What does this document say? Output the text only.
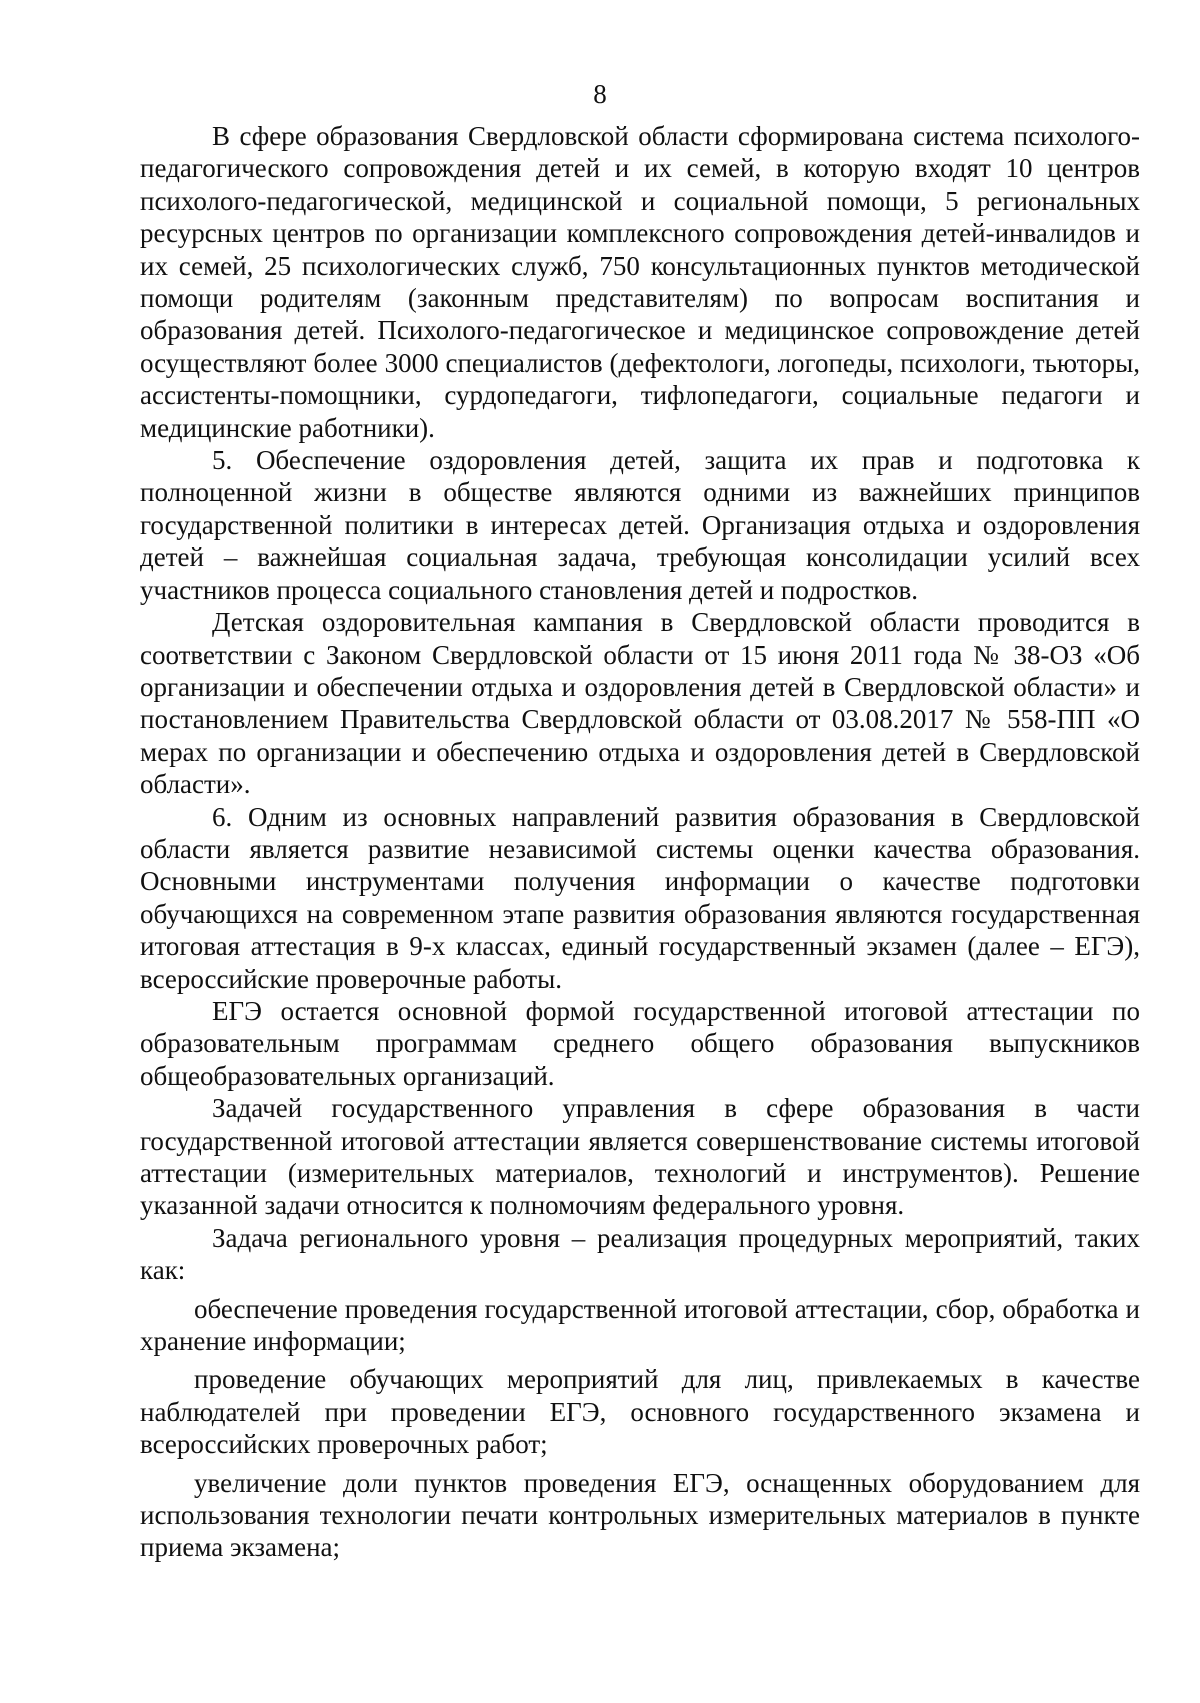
8

В сфере образования Свердловской области сформирована система психолого-педагогического сопровождения детей и их семей, в которую входят 10 центров психолого-педагогической, медицинской и социальной помощи, 5 региональных ресурсных центров по организации комплексного сопровождения детей-инвалидов и их семей, 25 психологических служб, 750 консультационных пунктов методической помощи родителям (законным представителям) по вопросам воспитания и образования детей. Психолого-педагогическое и медицинское сопровождение детей осуществляют более 3000 специалистов (дефектологи, логопеды, психологи, тьюторы, ассистенты-помощники, сурдопедагоги, тифлопедагоги, социальные педагоги и медицинские работники).

5. Обеспечение оздоровления детей, защита их прав и подготовка к полноценной жизни в обществе являются одними из важнейших принципов государственной политики в интересах детей. Организация отдыха и оздоровления детей – важнейшая социальная задача, требующая консолидации усилий всех участников процесса социального становления детей и подростков.

Детская оздоровительная кампания в Свердловской области проводится в соответствии с Законом Свердловской области от 15 июня 2011 года № 38-ОЗ «Об организации и обеспечении отдыха и оздоровления детей в Свердловской области» и постановлением Правительства Свердловской области от 03.08.2017 № 558-ПП «О мерах по организации и обеспечению отдыха и оздоровления детей в Свердловской области».

6. Одним из основных направлений развития образования в Свердловской области является развитие независимой системы оценки качества образования. Основными инструментами получения информации о качестве подготовки обучающихся на современном этапе развития образования являются государственная итоговая аттестация в 9-х классах, единый государственный экзамен (далее – ЕГЭ), всероссийские проверочные работы.

ЕГЭ остается основной формой государственной итоговой аттестации по образовательным программам среднего общего образования выпускников общеобразовательных организаций.

Задачей государственного управления в сфере образования в части государственной итоговой аттестации является совершенствование системы итоговой аттестации (измерительных материалов, технологий и инструментов). Решение указанной задачи относится к полномочиям федерального уровня.

Задача регионального уровня – реализация процедурных мероприятий, таких как:

обеспечение проведения государственной итоговой аттестации, сбор, обработка и хранение информации;

проведение обучающих мероприятий для лиц, привлекаемых в качестве наблюдателей при проведении ЕГЭ, основного государственного экзамена и всероссийских проверочных работ;

увеличение доли пунктов проведения ЕГЭ, оснащенных оборудованием для использования технологии печати контрольных измерительных материалов в пункте приема экзамена;
